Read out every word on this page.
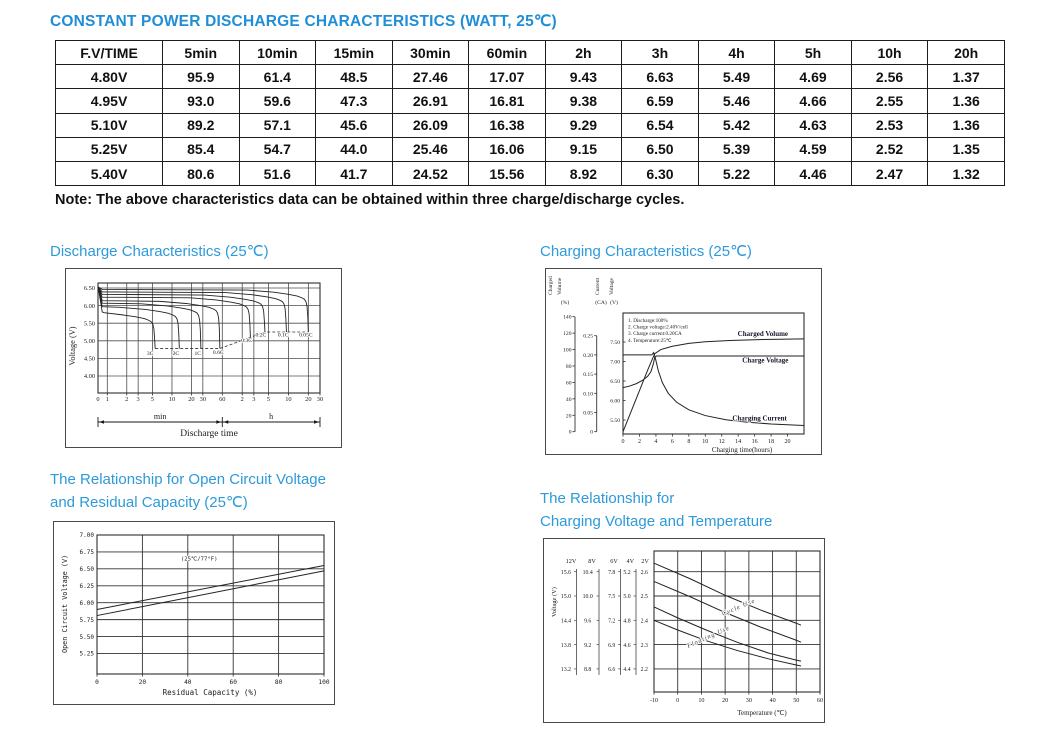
CONSTANT POWER DISCHARGE CHARACTERISTICS (WATT, 25℃)
F.V/TIME	5min	10min	15min	30min	60min	2h	3h	4h	5h	10h	20h
4.80V	95.9	61.4	48.5	27.46	17.07	9.43	6.63	5.49	4.69	2.56	1.37
4.95V	93.0	59.6	47.3	26.91	16.81	9.38	6.59	5.46	4.66	2.55	1.36
5.10V	89.2	57.1	45.6	26.09	16.38	9.29	6.54	5.42	4.63	2.53	1.36
5.25V	85.4	54.7	44.0	25.46	16.06	9.15	6.50	5.39	4.59	2.52	1.35
5.40V	80.6	51.6	41.7	24.52	15.56	8.92	6.30	5.22	4.46	2.47	1.32
Note: The above characteristics data can be obtained within three charge/discharge cycles.
Discharge Characteristics (25℃)
6.50
6.00
5.50
5.00
4.50
4.00
Voltage (V)
0 1	2 3 5 10 20 30 60 2 3 5 10 20 30
3C	2C	1C 0.6C
0.3C
0.2C 0.1C 0.05C
min	h
Discharge time
Charging Characteristics (25℃)
Charged Volume	Current Voltage
(%)	(CA) (V)
140
120
100
80
60
40
20
0
0.25
0.20
0.15
0.10
0.05
0
7.50
7.00
6.50
6.00
5.50
0 2 4 6 8 10 12 14 16 18 20
Charging time(hours)
1. Discharge:100%
2. Charge voltage:2.40V/cell
3. Charge current:0.20CA
4. Temperature:25℃
Charged Volume
Charge Voltage
Charging Current
The Relationship for Open Circuit Voltage
and Residual Capacity (25℃)
7.00
6.75
6.50
6.25
6.00
5.75
5.50
5.25
0	20	40	60	80	100
Open Circuit Voltage (V)
Residual Capacity (%)
(25℃/77°F)
The Relationship for
Charging Voltage and Temperature
-10	0	10	20	30	40	50	60
Temperature (℃)
Voltage (V)
12V 8V 6V 4V 2V
15.6 10.4	7.8 5.2 2.6
15.0 10.0	7.5 5.0 2.5
14.4 9.6	7.2 4.8 2.4
13.8 9.2	6.9 4.6 2.3
13.2 8.8	6.6 4.4 2.2
Cycle Use
Floating Use
